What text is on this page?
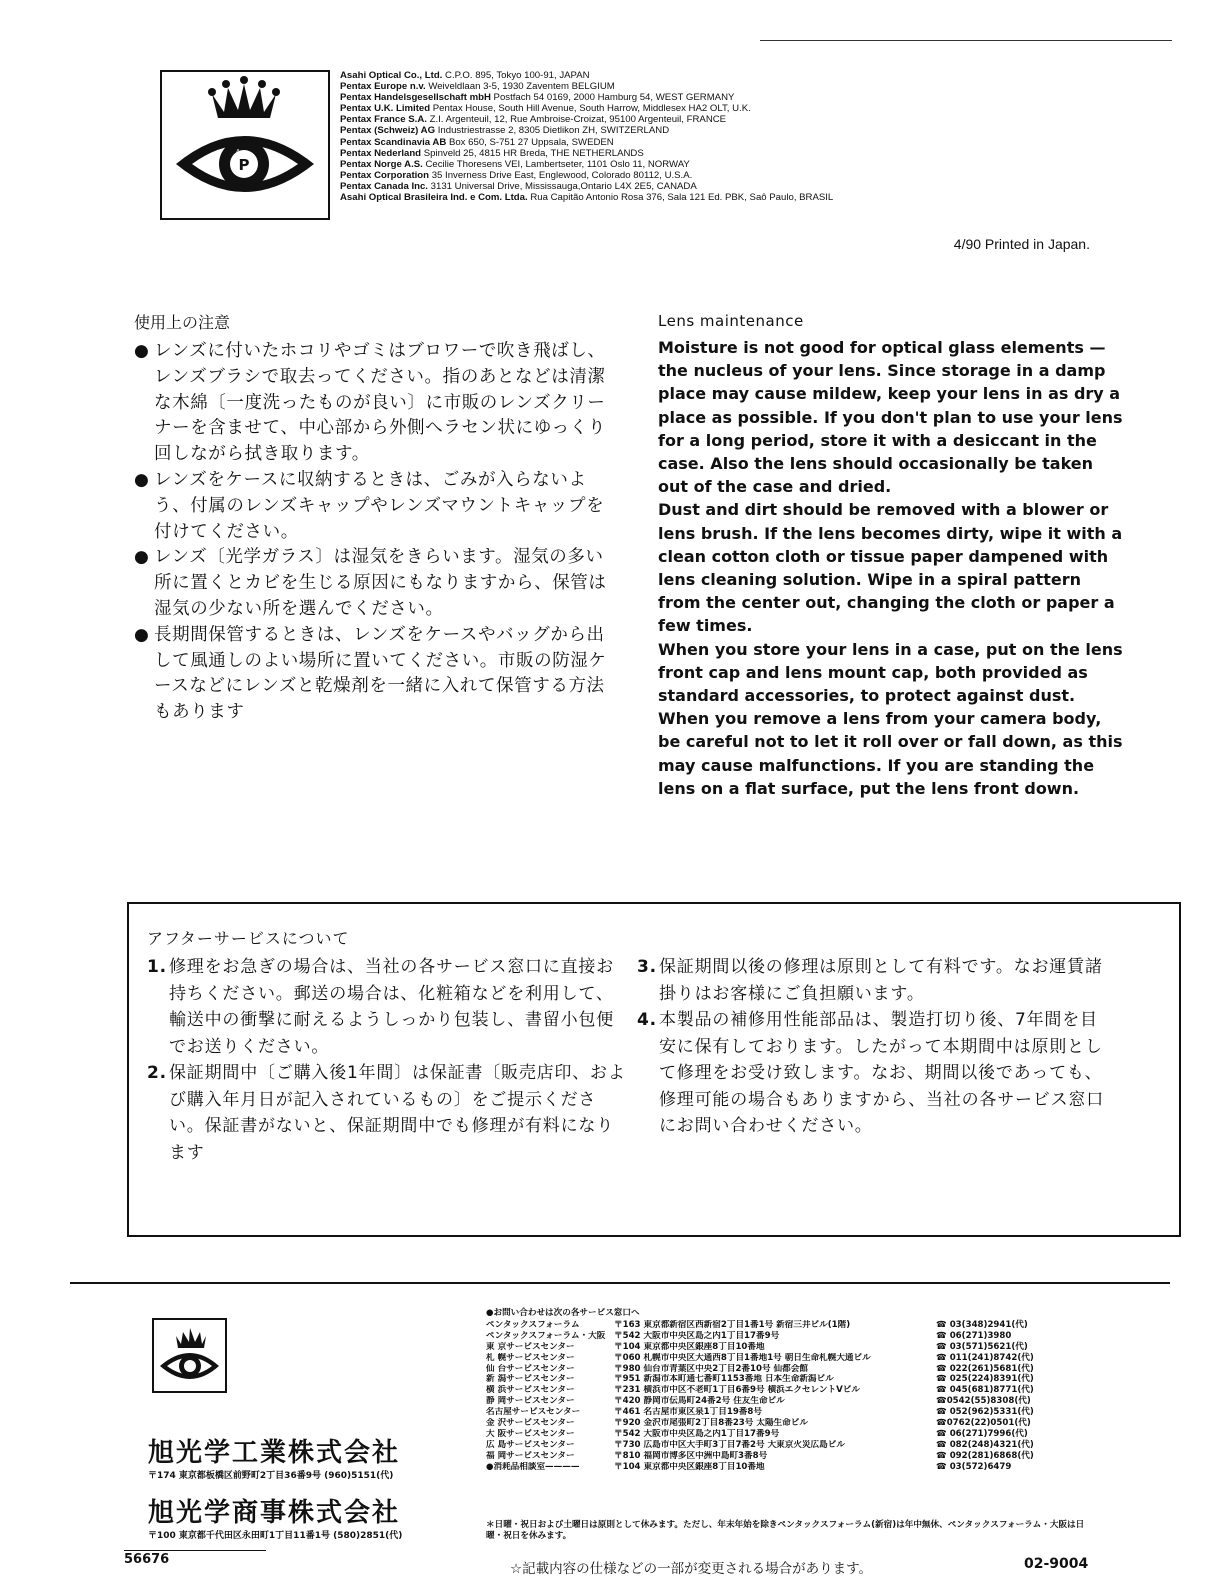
P
A
Asahi Optical Co., Ltd. C.P.O. 895, Tokyo 100-91, JAPAN
Pentax Europe n.v. Weiveldlaan 3-5, 1930 Zaventem BELGIUM
Pentax Handelsgesellschaft mbH Postfach 54 0169, 2000 Hamburg 54, WEST GERMANY
Pentax U.K. Limited Pentax House, South Hill Avenue, South Harrow, Middlesex HA2 OLT, U.K.
Pentax France S.A. Z.I. Argenteuil, 12, Rue Ambroise-Croizat, 95100 Argenteuil, FRANCE
Pentax (Schweiz) AG Industriestrasse 2, 8305 Dietlikon ZH, SWITZERLAND
Pentax Scandinavia AB Box 650, S-751 27 Uppsala, SWEDEN
Pentax Nederland Spinveld 25, 4815 HR Breda, THE NETHERLANDS
Pentax Norge A.S. Cecilie Thoresens VEI, Lambertseter, 1101 Oslo 11, NORWAY
Pentax Corporation 35 Inverness Drive East, Englewood, Colorado 80112, U.S.A.
Pentax Canada Inc. 3131 Universal Drive, Mississauga,Ontario L4X 2E5, CANADA
Asahi Optical Brasileira Ind. e Com. Ltda. Rua Capitão Antonio Rosa 376, Sala 121 Ed. PBK, Saô Paulo, BRASIL
4/90 Printed in Japan.
使用上の注意
● レンズに付いたホコリやゴミはブロワーで吹き飛ばし、レンズブラシで取去ってください。指のあとなどは清潔な木綿〔一度洗ったものが良い〕に市販のレンズクリーナーを含ませて、中心部から外側へラセン状にゆっくり回しながら拭き取ります。
● レンズをケースに収納するときは、ごみが入らないよう、付属のレンズキャップやレンズマウントキャップを付けてください。
● レンズ〔光学ガラス〕は湿気をきらいます。湿気の多い所に置くとカビを生じる原因にもなりますから、保管は湿気の少ない所を選んでください。
● 長期間保管するときは、レンズをケースやバッグから出して風通しのよい場所に置いてください。市販の防湿ケースなどにレンズと乾燥剤を一緒に入れて保管する方法もあります
Lens maintenance

Moisture is not good for optical glass elements — the nucleus of your lens. Since storage in a damp place may cause mildew, keep your lens in as dry a place as possible. If you don't plan to use your lens for a long period, store it with a desiccant in the case. Also the lens should occasionally be taken out of the case and dried.

Dust and dirt should be removed with a blower or lens brush. If the lens becomes dirty, wipe it with a clean cotton cloth or tissue paper dampened with lens cleaning solution. Wipe in a spiral pattern from the center out, changing the cloth or paper a few times.

When you store your lens in a case, put on the lens front cap and lens mount cap, both provided as standard accessories, to protect against dust.

When you remove a lens from your camera body, be careful not to let it roll over or fall down, as this may cause malfunctions. If you are standing the lens on a flat surface, put the lens front down.

アフターサービスについて
1. 修理をお急ぎの場合は、当社の各サービス窓口に直接お持ちください。郵送の場合は、化粧箱などを利用して、輸送中の衝撃に耐えるようしっかり包装し、書留小包便でお送りください。
2. 保証期間中〔ご購入後1年間〕は保証書〔販売店印、および購入年月日が記入されているもの〕をご提示ください。保証書がないと、保証期間中でも修理が有料になります
3. 保証期間以後の修理は原則として有料です。なお運賃諸掛りはお客様にご負担願います。
4. 本製品の補修用性能部品は、製造打切り後、7年間を目安に保有しております。したがって本期間中は原則として修理をお受け致します。なお、期間以後であっても、修理可能の場合もありますから、当社の各サービス窓口にお問い合わせください。
旭光学工業株式会社
〒174 東京都板橋区前野町2丁目36番9号 (960)5151(代)
旭光学商事株式会社
〒100 東京都千代田区永田町1丁目11番1号 (580)2851(代)
56676
●お問い合わせは次の各サービス窓口へ
ペンタックスフォーラム	〒163 東京都新宿区西新宿2丁目1番1号 新宿三井ビル(1階)	☎ 03(348)2941(代)
ペンタックスフォーラム・大阪	〒542 大阪市中央区島之内1丁目17番9号	☎ 06(271)3980
東 京サービスセンター	〒104 東京都中央区銀座8丁目10番地	☎ 03(571)5621(代)
札 幌サービスセンター	〒060 札幌市中央区大通西8丁目1番地1号 朝日生命札幌大通ビル	☎ 011(241)8742(代)
仙 台サービスセンター	〒980 仙台市青葉区中央2丁目2番10号 仙都会館	☎ 022(261)5681(代)
新 潟サービスセンター	〒951 新潟市本町通七番町1153番地 日本生命新潟ビル	☎ 025(224)8391(代)
横 浜サービスセンター	〒231 横浜市中区不老町1丁目6番9号 横浜エクセレントⅤビル	☎ 045(681)8771(代)
静 岡サービスセンター	〒420 静岡市伝馬町24番2号 住友生命ビル	☎0542(55)8308(代)
名古屋サービスセンター	〒461 名古屋市東区泉1丁目19番8号	☎ 052(962)5331(代)
金 沢サービスセンター	〒920 金沢市尾張町2丁目8番23号 太陽生命ビル	☎0762(22)0501(代)
大 阪サービスセンター	〒542 大阪市中央区島之内1丁目17番9号	☎ 06(271)7996(代)
広 島サービスセンター	〒730 広島市中区大手町3丁目7番2号 大東京火災広島ビル	☎ 082(248)4321(代)
福 岡サービスセンター	〒810 福岡市博多区中洲中島町3番8号	☎ 092(281)6868(代)
●消耗品相談室————	〒104 東京都中央区銀座8丁目10番地	☎ 03(572)6479
＊日曜・祝日および土曜日は原則として休みます。ただし、年末年始を除きペンタックスフォーラム(新宿)は年中無休、ペンタックスフォーラム・大阪は日曜・祝日を休みます。
☆記載内容の仕様などの一部が変更される場合があります。	02-9004
